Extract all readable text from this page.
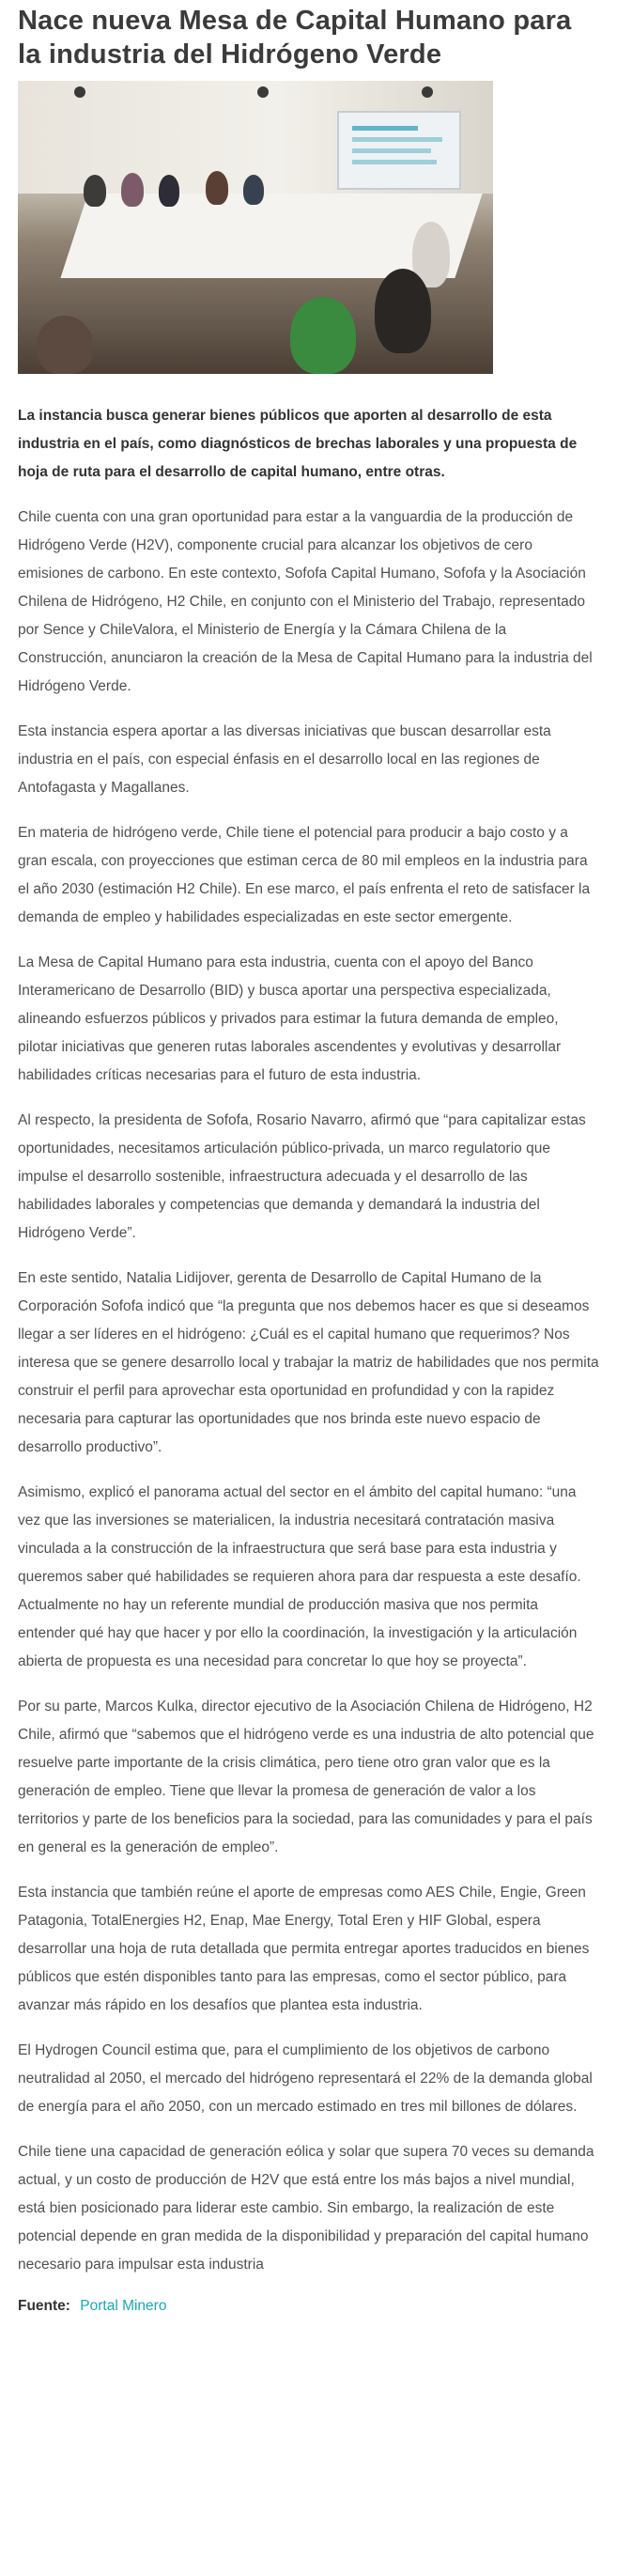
Nace nueva Mesa de Capital Humano para la industria del Hidrógeno Verde

La instancia busca generar bienes públicos que aporten al desarrollo de esta industria en el país, como diagnósticos de brechas laborales y una propuesta de hoja de ruta para el desarrollo de capital humano, entre otras.

Chile cuenta con una gran oportunidad para estar a la vanguardia de la producción de Hidrógeno Verde (H2V), componente crucial para alcanzar los objetivos de cero emisiones de carbono. En este contexto, Sofofa Capital Humano, Sofofa y la Asociación Chilena de Hidrógeno, H2 Chile, en conjunto con el Ministerio del Trabajo, representado por Sence y ChileValora, el Ministerio de Energía y la Cámara Chilena de la Construcción, anunciaron la creación de la Mesa de Capital Humano para la industria del Hidrógeno Verde.

Esta instancia espera aportar a las diversas iniciativas que buscan desarrollar esta industria en el país, con especial énfasis en el desarrollo local en las regiones de Antofagasta y Magallanes.

En materia de hidrógeno verde, Chile tiene el potencial para producir a bajo costo y a gran escala, con proyecciones que estiman cerca de 80 mil empleos en la industria para el año 2030 (estimación H2 Chile). En ese marco, el país enfrenta el reto de satisfacer la demanda de empleo y habilidades especializadas en este sector emergente.

La Mesa de Capital Humano para esta industria, cuenta con el apoyo del Banco Interamericano de Desarrollo (BID) y busca aportar una perspectiva especializada, alineando esfuerzos públicos y privados para estimar la futura demanda de empleo, pilotar iniciativas que generen rutas laborales ascendentes y evolutivas y desarrollar habilidades críticas necesarias para el futuro de esta industria.

Al respecto, la presidenta de Sofofa, Rosario Navarro, afirmó que “para capitalizar estas oportunidades, necesitamos articulación público-privada, un marco regulatorio que impulse el desarrollo sostenible, infraestructura adecuada y el desarrollo de las habilidades laborales y competencias que demanda y demandará la industria del Hidrógeno Verde”.

En este sentido, Natalia Lidijover, gerenta de Desarrollo de Capital Humano de la Corporación Sofofa indicó que “la pregunta que nos debemos hacer es que si deseamos llegar a ser líderes en el hidrógeno: ¿Cuál es el capital humano que requerimos? Nos interesa que se genere desarrollo local y trabajar la matriz de habilidades que nos permita construir el perfil para aprovechar esta oportunidad en profundidad y con la rapidez necesaria para capturar las oportunidades que nos brinda este nuevo espacio de desarrollo productivo”.

Asimismo, explicó el panorama actual del sector en el ámbito del capital humano: “una vez que las inversiones se materialicen, la industria necesitará contratación masiva vinculada a la construcción de la infraestructura que será base para esta industria y queremos saber qué habilidades se requieren ahora para dar respuesta a este desafío. Actualmente no hay un referente mundial de producción masiva que nos permita entender qué hay que hacer y por ello la coordinación, la investigación y la articulación abierta de propuesta es una necesidad para concretar lo que hoy se proyecta”.

Por su parte, Marcos Kulka, director ejecutivo de la Asociación Chilena de Hidrógeno, H2 Chile, afirmó que “sabemos que el hidrógeno verde es una industria de alto potencial que resuelve parte importante de la crisis climática, pero tiene otro gran valor que es la generación de empleo. Tiene que llevar la promesa de generación de valor a los territorios y parte de los beneficios para la sociedad, para las comunidades y para el país en general es la generación de empleo”.

Esta instancia que también reúne el aporte de empresas como AES Chile, Engie, Green Patagonia, TotalEnergies H2, Enap, Mae Energy, Total Eren y HIF Global, espera desarrollar una hoja de ruta detallada que permita entregar aportes traducidos en bienes públicos que estén disponibles tanto para las empresas, como el sector público, para avanzar más rápido en los desafíos que plantea esta industria.

El Hydrogen Council estima que, para el cumplimiento de los objetivos de carbono neutralidad al 2050, el mercado del hidrógeno representará el 22% de la demanda global de energía para el año 2050, con un mercado estimado en tres mil billones de dólares.

Chile tiene una capacidad de generación eólica y solar que supera 70 veces su demanda actual, y un costo de producción de H2V que está entre los más bajos a nivel mundial, está bien posicionado para liderar este cambio. Sin embargo, la realización de este potencial depende en gran medida de la disponibilidad y preparación del capital humano necesario para impulsar esta industria

Fuente: Portal Minero
